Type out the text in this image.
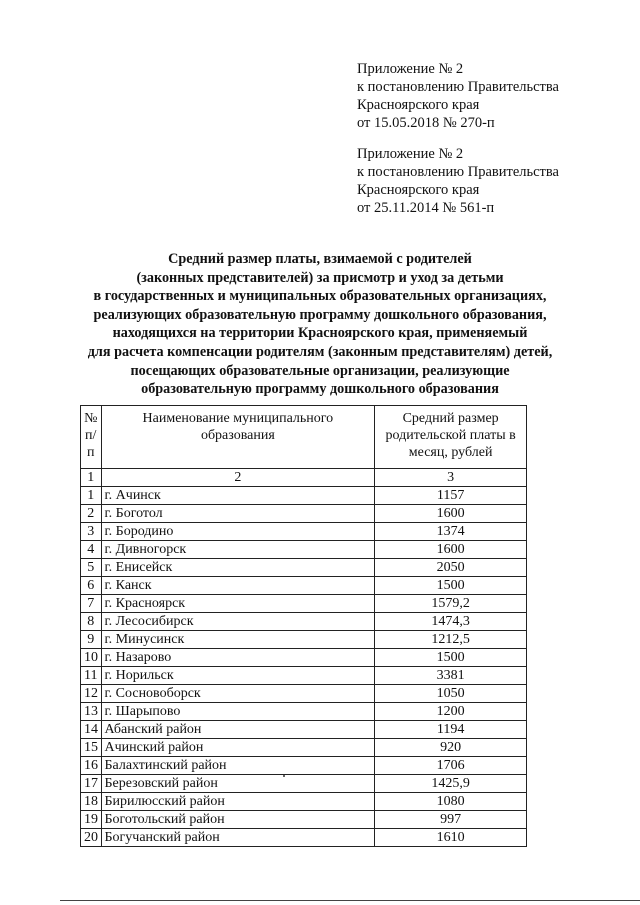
Приложение № 2
к постановлению Правительства
Красноярского края
от 15.05.2018 № 270-п
Приложение № 2
к постановлению Правительства
Красноярского края
от 25.11.2014 № 561-п
Средний размер платы, взимаемой с родителей
(законных представителей) за присмотр и уход за детьми
в государственных и муниципальных образовательных организациях,
реализующих образовательную программу дошкольного образования,
находящихся на территории Красноярского края, применяемый
для расчета компенсации родителям (законным представителям) детей,
посещающих образовательные организации, реализующие
образовательную программу дошкольного образования
№ п/п	Наименование муниципального образования	Средний размер родительской платы в месяц, рублей
1	2	3
1	г. Ачинск	1157
2	г. Боготол	1600
3	г. Бородино	1374
4	г. Дивногорск	1600
5	г. Енисейск	2050
6	г. Канск	1500
7	г. Красноярск	1579,2
8	г. Лесосибирск	1474,3
9	г. Минусинск	1212,5
10	г. Назарово	1500
11	г. Норильск	3381
12	г. Сосновоборск	1050
13	г. Шарыпово	1200
14	Абанский район	1194
15	Ачинский район	920
16	Балахтинский район	1706
17	Березовский район	1425,9
18	Бирилюсский район	1080
19	Боготольский район	997
20	Богучанский район	1610
